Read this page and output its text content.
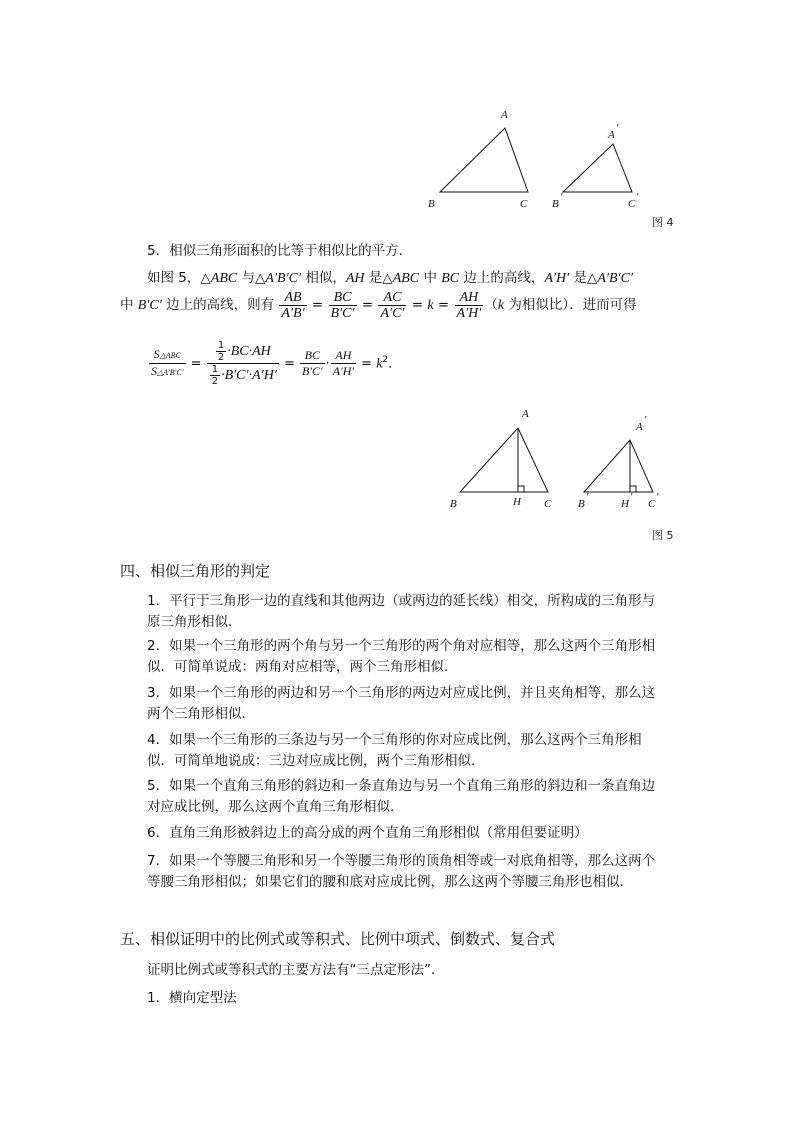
A
B	C
A
'
B
'
C
'
图 4
5．相似三角形面积的比等于相似比的平方．
如图 5，△ABC 与△A′B′C′ 相似，AH 是△ABC 中 BC 边上的高线，A′H′ 是△A′B′C′
中 B′C′ 边上的高线，则有 $\frac{AB}{A'B'} = \frac{BC}{B'C'} = \frac{AC}{A'C'} = k = \frac{AH}{A'H'} (k$ 为相似比）．进而可得
$\frac{\text{S△ABC}}{S\triangle A'B'C'} = \frac{\frac{1}{2} \cdot BC\cdot AH}{\frac{1}{2} \cdot B'C'\cdot A'H'} = \frac{BC}{B'C'} \cdot \frac{AH}{A'H'} = k^2$．
A
B	H C
A
'
B
'
H
'
C
'
图 5
四、相似三角形的判定
1．平行于三角形一边的直线和其他两边（或两边的延长线）相交，所构成的三角形与
原三角形相似．
2．如果一个三角形的两个角与另一个三角形的两个角对应相等，那么这两个三角形相
似．可简单说成：两角对应相等，两个三角形相似．
3．如果一个三角形的两边和另一个三角形的两边对应成比例，并且夹角相等，那么这
两个三角形相似．
4．如果一个三角形的三条边与另一个三角形的你对应成比例，那么这两个三角形相
似．可简单地说成：三边对应成比例，两个三角形相似．
5．如果一个直角三角形的斜边和一条直角边与另一个直角三角形的斜边和一条直角边
对应成比例，那么这两个直角三角形相似．
6．直角三角形被斜边上的高分成的两个直角三角形相似（常用但要证明）
7．如果一个等腰三角形和另一个等腰三角形的顶角相等或一对底角相等，那么这两个
等腰三角形相似；如果它们的腰和底对应成比例，那么这两个等腰三角形也相似．
五、相似证明中的比例式或等积式、比例中项式、倒数式、复合式
证明比例式或等积式的主要方法有“三点定形法”．
1．横向定型法
